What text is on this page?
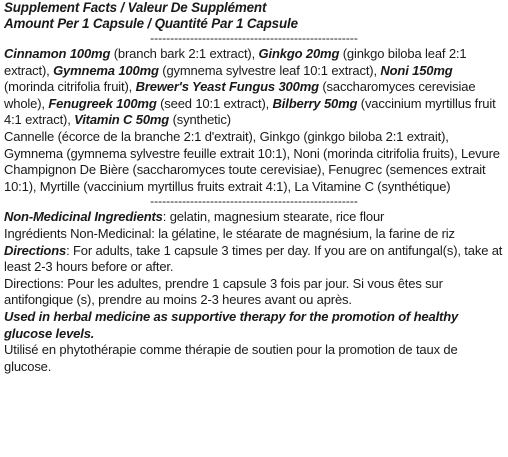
Supplement Facts / Valeur De Supplément
Amount Per 1 Capsule / Quantité Par 1 Capsule
----------------------------------------------------

Cinnamon 100mg (branch bark 2:1 extract), Ginkgo 20mg (ginkgo biloba leaf 2:1 extract), Gymnema 100mg (gymnema sylvestre leaf 10:1 extract), Noni 150mg (morinda citrifolia fruit), Brewer's Yeast Fungus 300mg (saccharomyces cerevisiae whole), Fenugreek 100mg (seed 10:1 extract), Bilberry 50mg (vaccinium myrtillus fruit 4:1 extract), Vitamin C 50mg (synthetic)

Cannelle (écorce de la branche 2:1 d'extrait), Ginkgo (ginkgo biloba 2:1 extrait), Gymnema (gymnema sylvestre feuille extrait 10:1), Noni (morinda citrifolia fruits), Levure Champignon De Bière (saccharomyces toute cerevisiae), Fenugrec (semences extrait 10:1), Myrtille (vaccinium myrtillus fruits extrait 4:1), La Vitamine C (synthétique)

----------------------------------------------------

Non-Medicinal Ingredients: gelatin, magnesium stearate, rice flour

Ingrédients Non-Medicinal: la gélatine, le stéarate de magnésium, la farine de riz

Directions: For adults, take 1 capsule 3 times per day. If you are on antifungal(s), take at least 2-3 hours before or after.

Directions: Pour les adultes, prendre 1 capsule 3 fois par jour. Si vous êtes sur antifongique (s), prendre au moins 2-3 heures avant ou après.

Used in herbal medicine as supportive therapy for the promotion of healthy glucose levels.

Utilisé en phytothérapie comme thérapie de soutien pour la promotion de taux de glucose.
